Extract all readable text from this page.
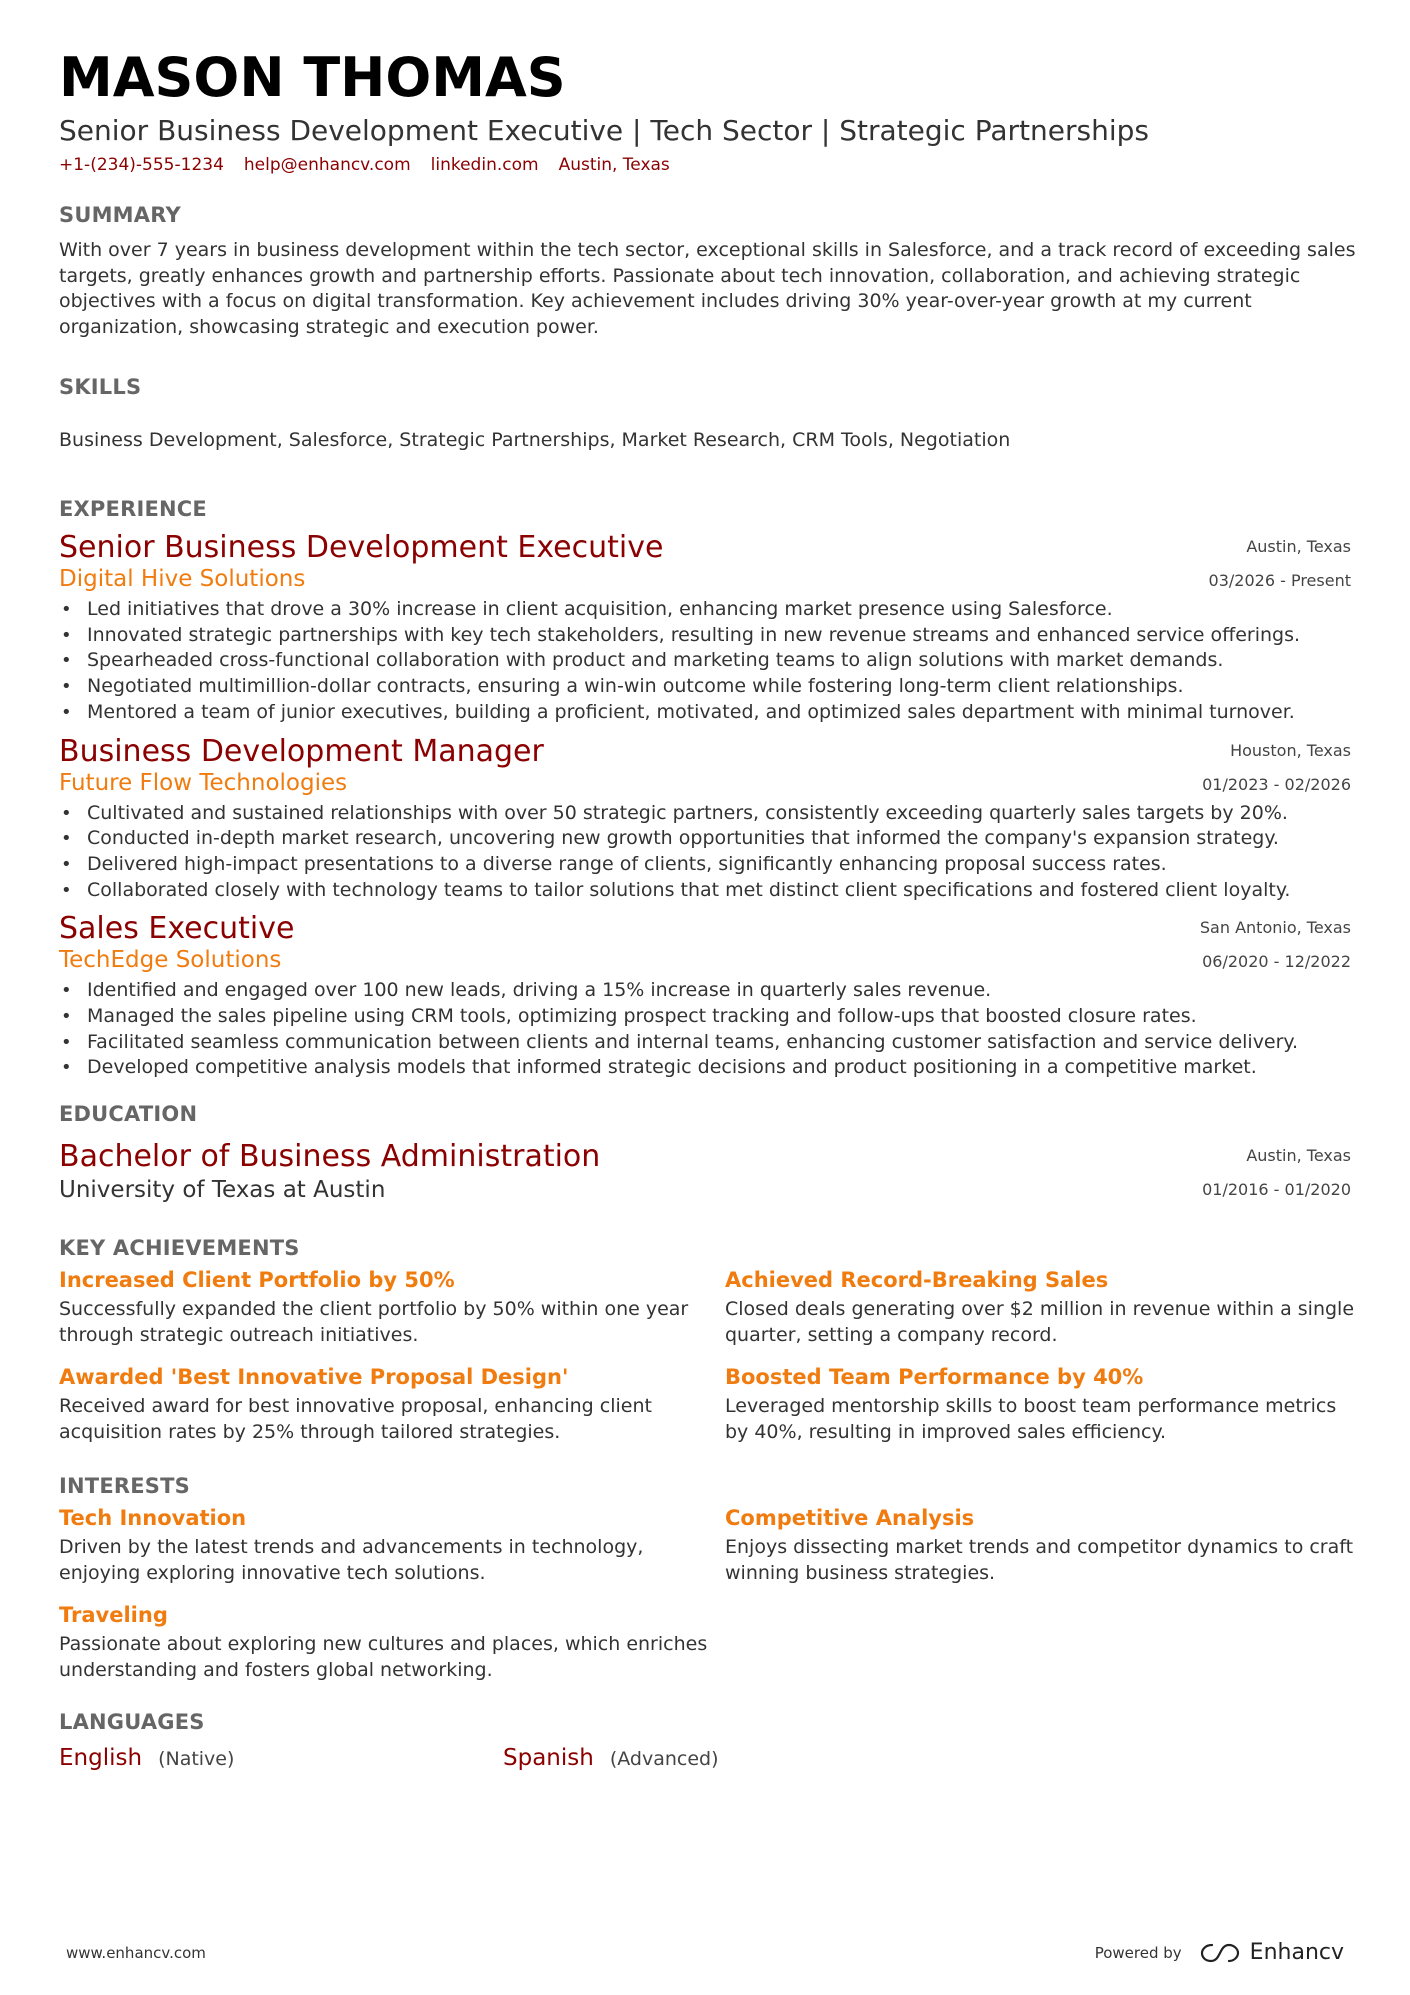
MASON THOMAS
Senior Business Development Executive | Tech Sector | Strategic Partnerships
+1-(234)-555-1234 help@enhancv.com linkedin.com Austin, Texas
SUMMARY
With over 7 years in business development within the tech sector, exceptional skills in Salesforce, and a track record of exceeding sales targets, greatly enhances growth and partnership efforts. Passionate about tech innovation, collaboration, and achieving strategic objectives with a focus on digital transformation. Key achievement includes driving 30% year-over-year growth at my current organization, showcasing strategic and execution power.
SKILLS
Business Development, Salesforce, Strategic Partnerships, Market Research, CRM Tools, Negotiation
EXPERIENCE
Senior Business Development Executive
Digital Hive Solutions
Austin, Texas
03/2026 - Present
• Led initiatives that drove a 30% increase in client acquisition, enhancing market presence using Salesforce.
• Innovated strategic partnerships with key tech stakeholders, resulting in new revenue streams and enhanced service offerings.
• Spearheaded cross-functional collaboration with product and marketing teams to align solutions with market demands.
• Negotiated multimillion-dollar contracts, ensuring a win-win outcome while fostering long-term client relationships.
• Mentored a team of junior executives, building a proficient, motivated, and optimized sales department with minimal turnover.
Business Development Manager
Future Flow Technologies
Houston, Texas
01/2023 - 02/2026
• Cultivated and sustained relationships with over 50 strategic partners, consistently exceeding quarterly sales targets by 20%.
• Conducted in-depth market research, uncovering new growth opportunities that informed the company's expansion strategy.
• Delivered high-impact presentations to a diverse range of clients, significantly enhancing proposal success rates.
• Collaborated closely with technology teams to tailor solutions that met distinct client specifications and fostered client loyalty.
Sales Executive
TechEdge Solutions
San Antonio, Texas
06/2020 - 12/2022
• Identified and engaged over 100 new leads, driving a 15% increase in quarterly sales revenue.
• Managed the sales pipeline using CRM tools, optimizing prospect tracking and follow-ups that boosted closure rates.
• Facilitated seamless communication between clients and internal teams, enhancing customer satisfaction and service delivery.
• Developed competitive analysis models that informed strategic decisions and product positioning in a competitive market.
EDUCATION
Bachelor of Business Administration
University of Texas at Austin
Austin, Texas
01/2016 - 01/2020
KEY ACHIEVEMENTS
Increased Client Portfolio by 50%
Successfully expanded the client portfolio by 50% within one year through strategic outreach initiatives.
Achieved Record-Breaking Sales
Closed deals generating over $2 million in revenue within a single quarter, setting a company record.
Awarded 'Best Innovative Proposal Design'
Received award for best innovative proposal, enhancing client acquisition rates by 25% through tailored strategies.
Boosted Team Performance by 40%
Leveraged mentorship skills to boost team performance metrics by 40%, resulting in improved sales efficiency.
INTERESTS
Tech Innovation
Driven by the latest trends and advancements in technology, enjoying exploring innovative tech solutions.
Competitive Analysis
Enjoys dissecting market trends and competitor dynamics to craft winning business strategies.
Traveling
Passionate about exploring new cultures and places, which enriches understanding and fosters global networking.
LANGUAGES
English (Native)	Spanish (Advanced)
www.enhancv.com	Powered by	Enhancv
